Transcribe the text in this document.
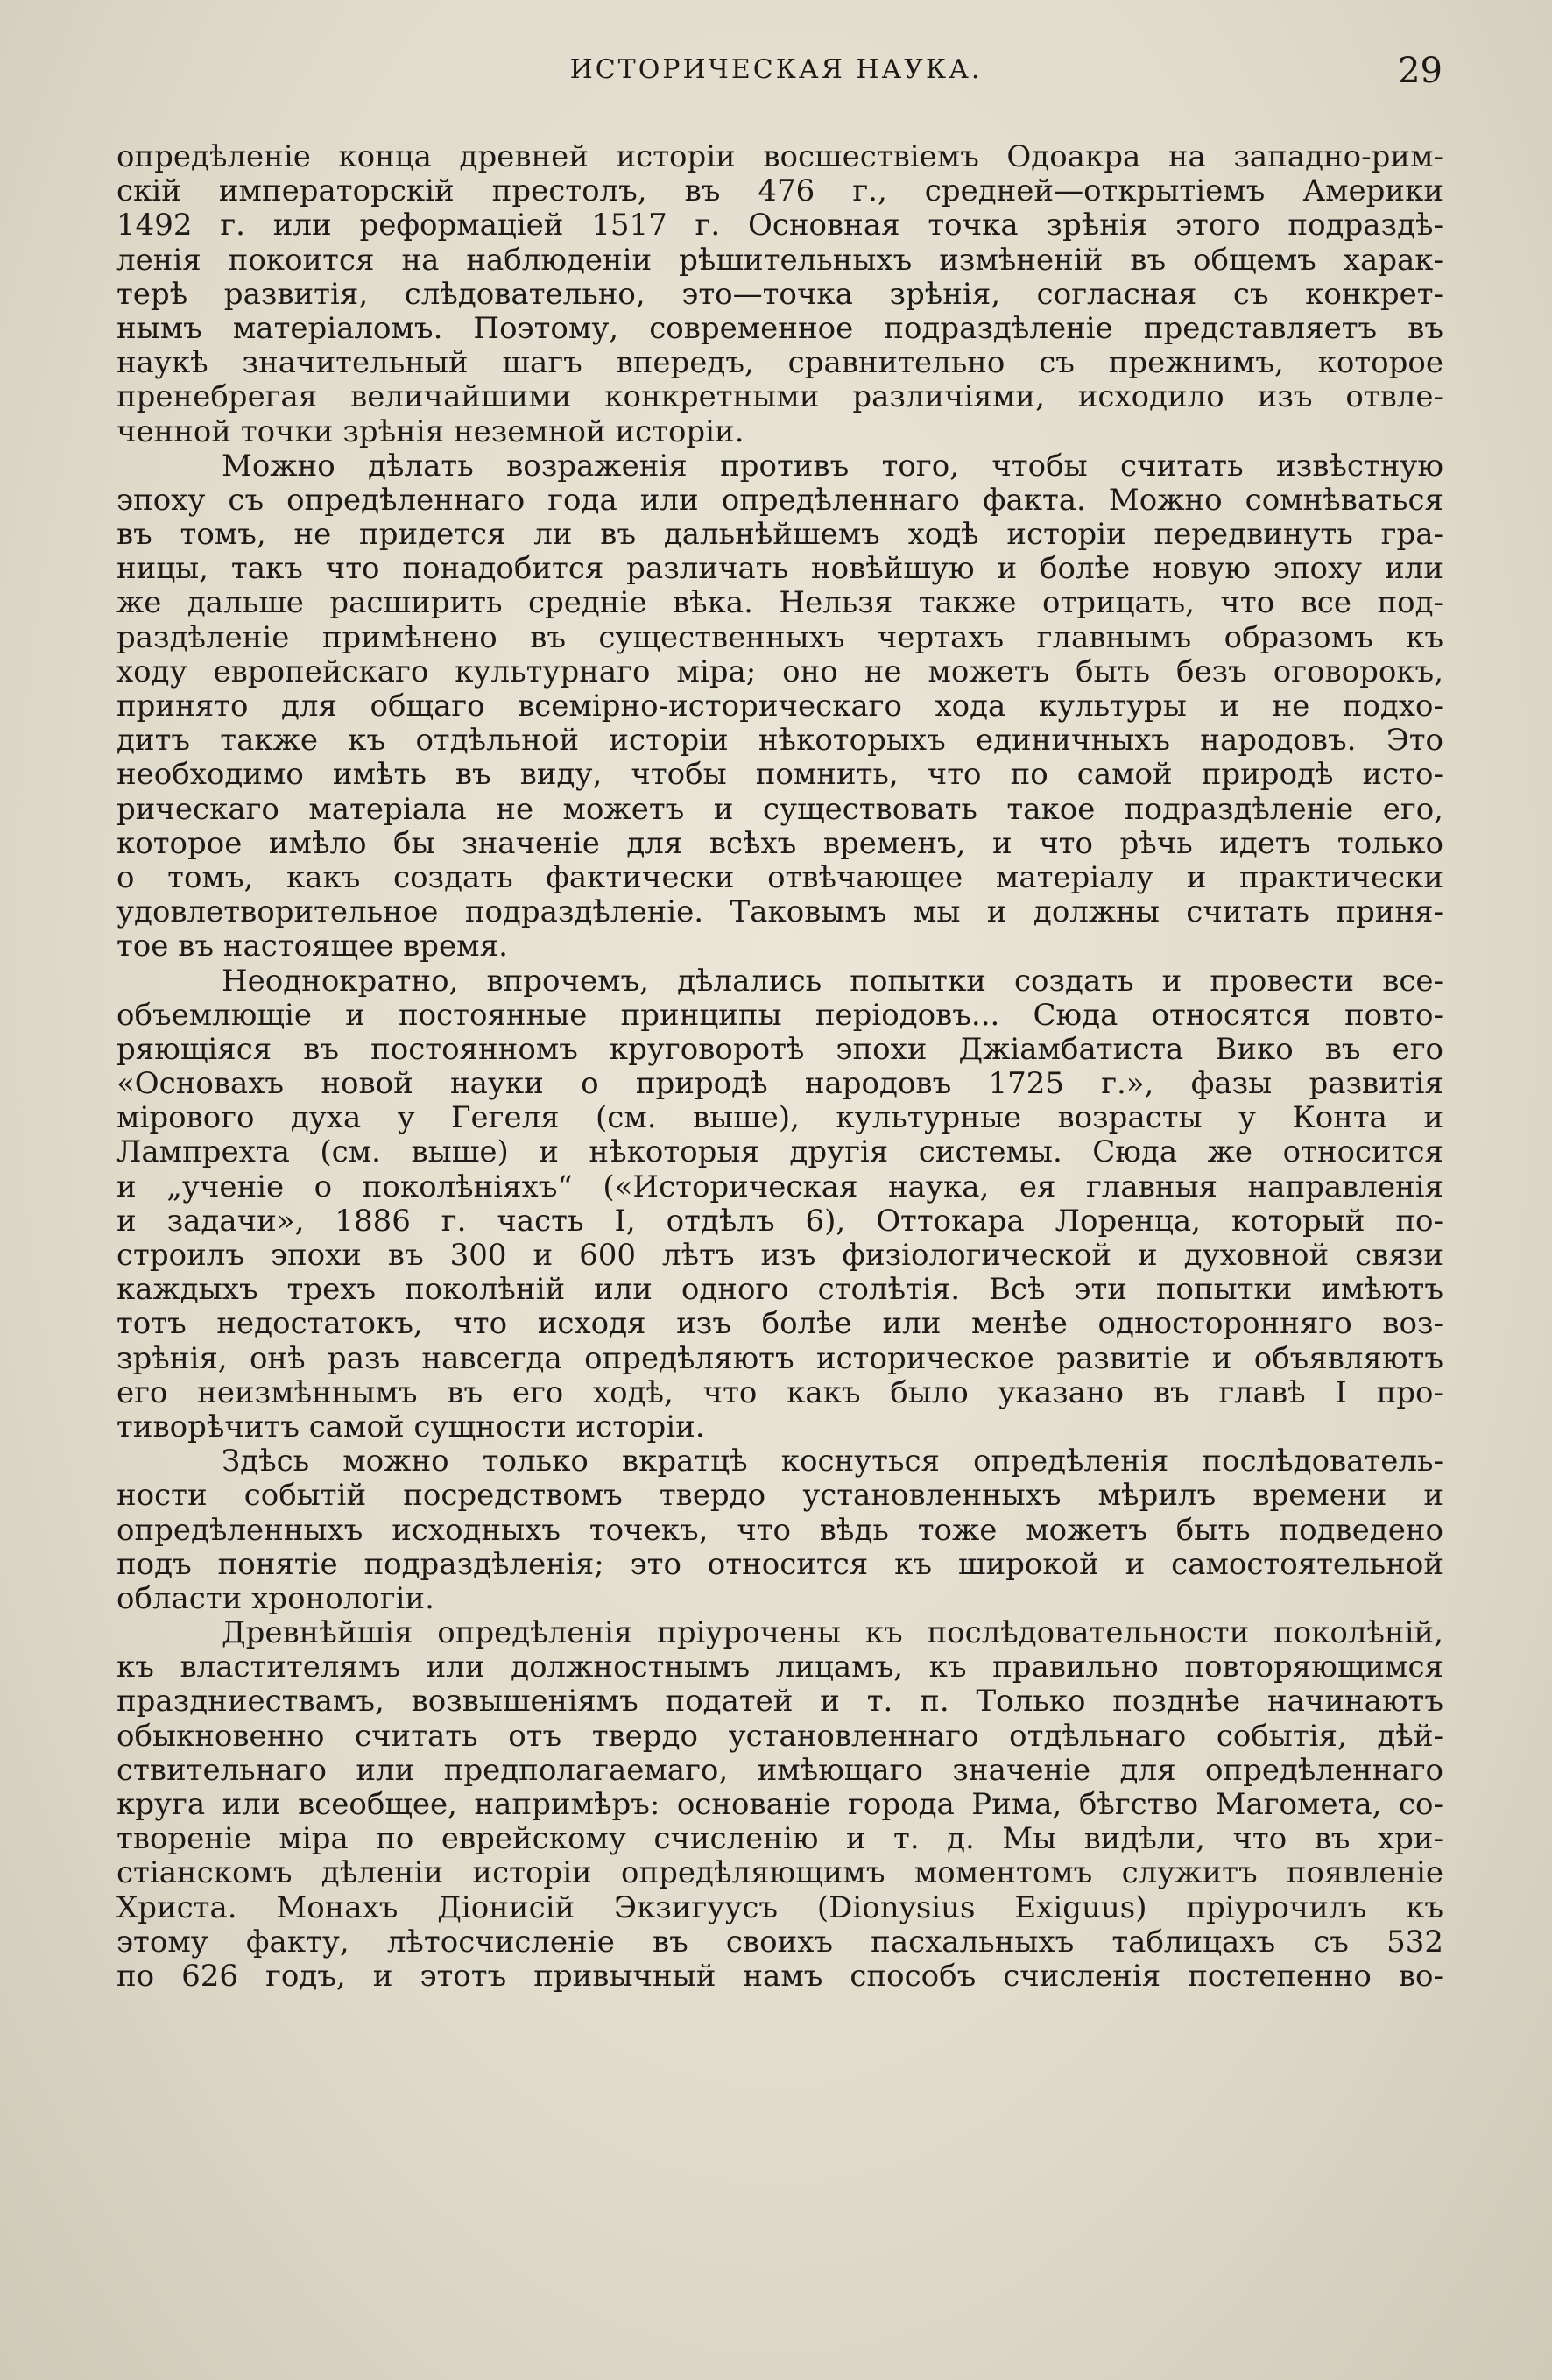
ИСТОРИЧЕСКАЯ НАУКА.	29
опредѣленіе конца древней исторіи восшествіемъ Одоакра на западно-рим-
скій императорскій престолъ, въ 476 г., средней—открытіемъ Америки
1492 г. или реформаціей 1517 г. Основная точка зрѣнія этого подраздѣ-
ленія покоится на наблюденіи рѣшительныхъ измѣненій въ общемъ харак-
терѣ развитія, слѣдовательно, это—точка зрѣнія, согласная съ конкрет-
нымъ матеріаломъ. Поэтому, современное подраздѣленіе представляетъ въ
наукѣ значительный шагъ впередъ, сравнительно съ прежнимъ, которое
пренебрегая величайшими конкретными различіями, исходило изъ отвле-
ченной точки зрѣнія неземной исторіи.
Можно дѣлать возраженія противъ того, чтобы считать извѣстную
эпоху съ опредѣленнаго года или опредѣленнаго факта. Можно сомнѣваться
въ томъ, не придется ли въ дальнѣйшемъ ходѣ исторіи передвинуть гра-
ницы, такъ что понадобится различать новѣйшую и болѣе новую эпоху или
же дальше расширить средніе вѣка. Нельзя также отрицать, что все под-
раздѣленіе примѣнено въ существенныхъ чертахъ главнымъ образомъ къ
ходу европейскаго культурнаго міра; оно не можетъ быть безъ оговорокъ,
принято для общаго всемірно-историческаго хода культуры и не подхо-
дитъ также къ отдѣльной исторіи нѣкоторыхъ единичныхъ народовъ. Это
необходимо имѣть въ виду, чтобы помнить, что по самой природѣ исто-
рическаго матеріала не можетъ и существовать такое подраздѣленіе его,
которое имѣло бы значеніе для всѣхъ временъ, и что рѣчь идетъ только
о томъ, какъ создать фактически отвѣчающее матеріалу и практически
удовлетворительное подраздѣленіе. Таковымъ мы и должны считать приня-
тое въ настоящее время.
Неоднократно, впрочемъ, дѣлались попытки создать и провести все-
объемлющіе и постоянные принципы періодовъ... Сюда относятся повто-
ряющіяся въ постоянномъ круговоротѣ эпохи Джіамбатиста Вико въ его
«Основахъ новой науки о природѣ народовъ 1725 г.», фазы развитія
мірового духа у Гегеля (см. выше), культурные возрасты у Конта и
Лампрехта (см. выше) и нѣкоторыя другія системы. Сюда же относится
и „ученіе о поколѣніяхъ“ («Историческая наука, ея главныя направленія
и задачи», 1886 г. часть I, отдѣлъ 6), Оттокара Лоренца, который по-
строилъ эпохи въ 300 и 600 лѣтъ изъ физіологической и духовной связи
каждыхъ трехъ поколѣній или одного столѣтія. Всѣ эти попытки имѣютъ
тотъ недостатокъ, что исходя изъ болѣе или менѣе односторонняго воз-
зрѣнія, онѣ разъ навсегда опредѣляютъ историческое развитіе и объявляютъ
его неизмѣннымъ въ его ходѣ, что какъ было указано въ главѣ I про-
тиворѣчитъ самой сущности исторіи.
Здѣсь можно только вкратцѣ коснуться опредѣленія послѣдователь-
ности событій посредствомъ твердо установленныхъ мѣрилъ времени и
опредѣленныхъ исходныхъ точекъ, что вѣдь тоже можетъ быть подведено
подъ понятіе подраздѣленія; это относится къ широкой и самостоятельной
области хронологіи.
Древнѣйшія опредѣленія пріурочены къ послѣдовательности поколѣній,
къ властителямъ или должностнымъ лицамъ, къ правильно повторяющимся
праздниествамъ, возвышеніямъ податей и т. п. Только позднѣе начинаютъ
обыкновенно считать отъ твердо установленнаго отдѣльнаго событія, дѣй-
ствительнаго или предполагаемаго, имѣющаго значеніе для опредѣленнаго
круга или всеобщее, напримѣръ: основаніе города Рима, бѣгство Магомета, со-
твореніе міра по еврейскому счисленію и т. д. Мы видѣли, что въ хри-
стіанскомъ дѣленіи исторіи опредѣляющимъ моментомъ служитъ появленіе
Христа. Монахъ Діонисій Экзигуусъ (Dionysius Exiguus) пріурочилъ къ
этому факту, лѣтосчисленіе въ своихъ пасхальныхъ таблицахъ съ 532
по 626 годъ, и этотъ привычный намъ способъ счисленія постепенно во-
